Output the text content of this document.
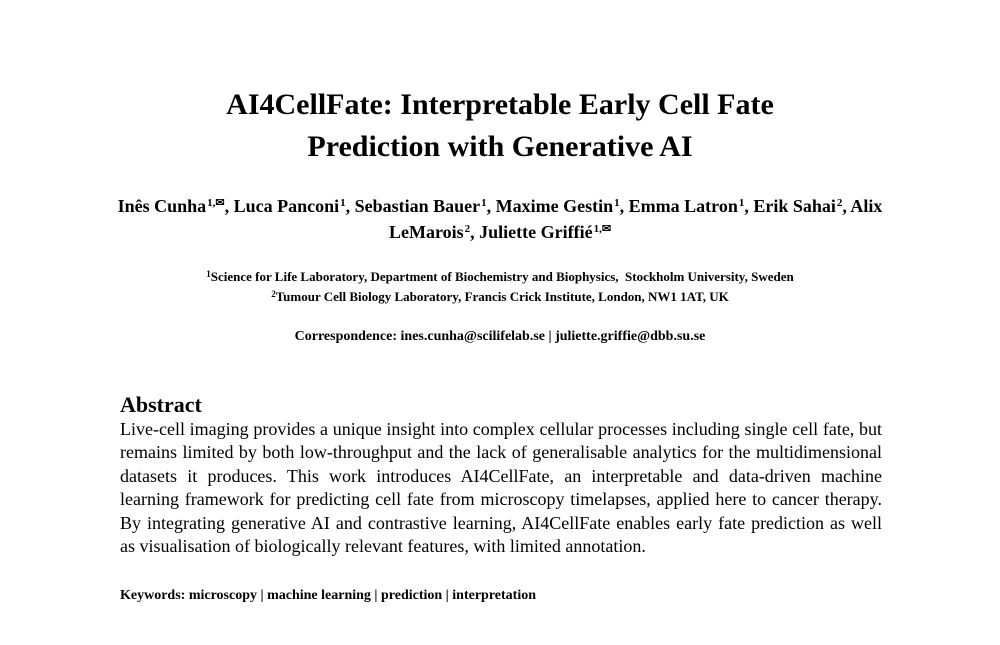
AI4CellFate: Interpretable Early Cell Fate
Prediction with Generative AI
Inês Cunha$^{1,✉}$, Luca Panconi$^1$, Sebastian Bauer$^1$, Maxime Gestin$^1$, Emma Latron$^1$, Erik Sahai$^2$, Alix LeMarois$^2$, Juliette Griffié$^{1,✉}$
$^1$Science for Life Laboratory, Department of Biochemistry and Biophysics,  Stockholm University, Sweden
$^2$Tumour Cell Biology Laboratory, Francis Crick Institute, London, NW1 1AT, UK
Correspondence: ines.cunha@scilifelab.se | juliette.griffie@dbb.su.se
Abstract
Live-cell imaging provides a unique insight into complex cellular processes including single cell fate, but remains limited by both low-throughput and the lack of generalisable analytics for the multidimensional datasets it produces. This work introduces AI4CellFate, an interpretable and data-driven machine learning framework for predicting cell fate from microscopy timelapses, applied here to cancer therapy. By integrating generative AI and contrastive learning, AI4CellFate enables early fate prediction as well as visualisation of biologically relevant features, with limited annotation.
Keywords: microscopy | machine learning | prediction | interpretation
